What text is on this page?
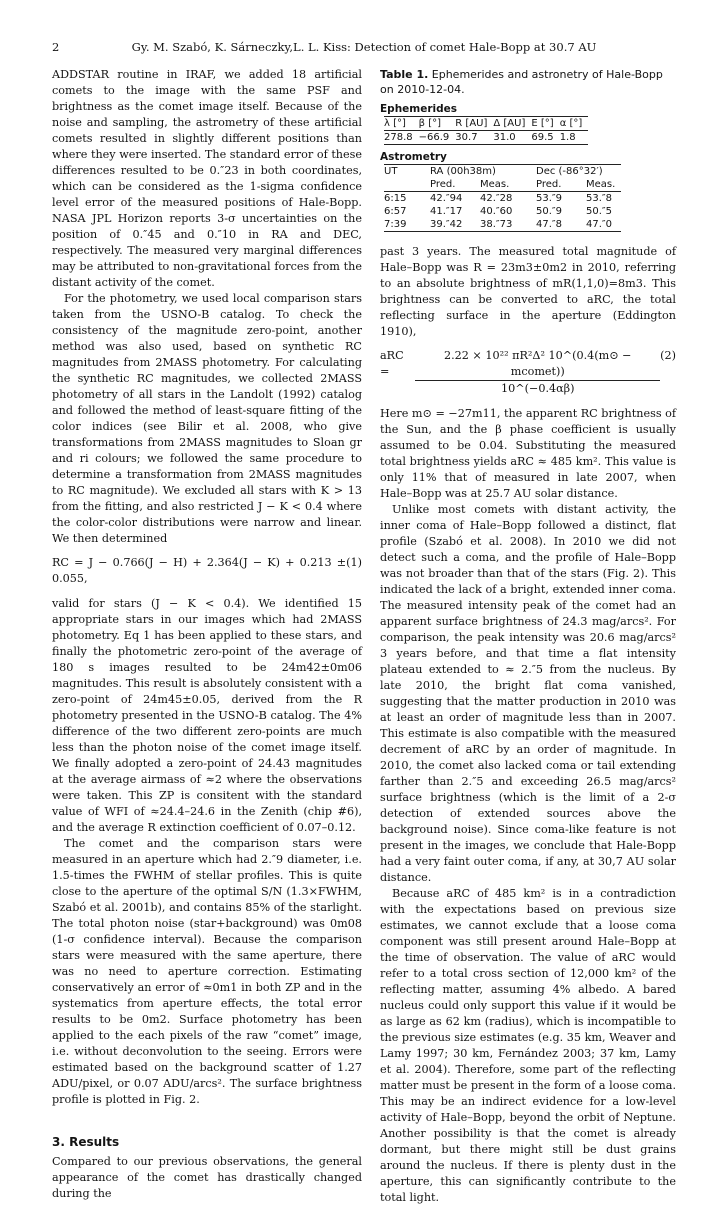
2	Gy. M. Szabó, K. Sárneczky,L. L. Kiss: Detection of comet Hale-Bopp at 30.7 AU

ADDSTAR routine in IRAF, we added 18 artificial comets to the image with the same PSF and brightness as the comet image itself. Because of the noise and sampling, the astrometry of these artificial comets resulted in slightly different positions than where they were inserted. The standard error of these differences resulted to be 0.″23 in both coordinates, which can be considered as the 1-sigma confidence level error of the measured positions of Hale-Bopp. NASA JPL Horizon reports 3-σ uncertainties on the position of 0.″45 and 0.″10 in RA and DEC, respectively. The measured very marginal differences may be attributed to non-gravitational forces from the distant activity of the comet.

For the photometry, we used local comparison stars taken from the USNO-B catalog. To check the consistency of the magnitude zero-point, another method was also used, based on synthetic RC magnitudes from 2MASS photometry. For calculating the synthetic RC magnitudes, we collected 2MASS photometry of all stars in the Landolt (1992) catalog and followed the method of least-square fitting of the color indices (see Bilir et al. 2008, who give transformations from 2MASS magnitudes to Sloan gr and ri colours; we followed the same procedure to determine a transformation from 2MASS magnitudes to RC magnitude). We excluded all stars with K > 13 from the fitting, and also restricted J − K < 0.4 where the color-color distributions were narrow and linear. We then determined

RC = J − 0.766(J − H) + 2.364(J − K) + 0.213 ± 0.055,
(1)

valid for stars (J − K < 0.4). We identified 15 appropriate stars in our images which had 2MASS photometry. Eq 1 has been applied to these stars, and finally the photometric zero-point of the average of 180 s images resulted to be 24m42±0m06 magnitudes. This result is absolutely consistent with a zero-point of 24m45±0.05, derived from the R photometry presented in the USNO-B catalog. The 4% difference of the two different zero-points are much less than the photon noise of the comet image itself. We finally adopted a zero-point of 24.43 magnitudes at the average airmass of ≈2 where the observations were taken. This ZP is consitent with the standard value of WFI of ≈24.4–24.6 in the Zenith (chip #6), and the average R extinction coefficient of 0.07–0.12.

The comet and the comparison stars were measured in an aperture which had 2.″9 diameter, i.e. 1.5-times the FWHM of stellar profiles. This is quite close to the aperture of the optimal S/N (1.3×FWHM, Szabó et al. 2001b), and contains 85% of the starlight. The total photon noise (star+background) was 0m08 (1-σ confidence interval). Because the comparison stars were measured with the same aperture, there was no need to aperture correction. Estimating conservatively an error of ≈0m1 in both ZP and in the systematics from aperture effects, the total error results to be 0m2. Surface photometry has been applied to the each pixels of the raw “comet” image, i.e. without deconvolution to the seeing. Errors were estimated based on the background scatter of 1.27 ADU/pixel, or 0.07 ADU/arcs². The surface brightness profile is plotted in Fig. 2.

3. Results

Compared to our previous observations, the general appearance of the comet has drastically changed during the

Table 1. Ephemerides and astronetry of Hale-Bopp on 2010-12-04.
Ephemerides
λ [°]	β [°]	R [AU]	Δ [AU]	E [°]	α [°]
278.8	−66.9	30.7	31.0	69.5	1.8
Astrometry
UT	RA (00h38m)		Dec (-86°32′)	
	Pred.	Meas.	Pred.	Meas.
6:15	42.″94	42.″28	53.″9	53.″8
6:57	41.″17	40.″60	50.″9	50.″5
7:39	39.″42	38.″73	47.″8	47.″0

past 3 years. The measured total magnitude of Hale–Bopp was R = 23m3±0m2 in 2010, referring to an absolute brightness of mR(1,1,0)=8m3. This brightness can be converted to aRC, the total reflecting surface in the aperture (Eddington 1910),

aRC =	$\frac{\text{2.22 × 10²² πR²Δ² 10\textasciicircum{}(0.4(m⊙ − mcomet))}}{10\^{}(-0.4\alpha\beta)} (2)$

Here m⊙ = −27m11, the apparent RC brightness of the Sun, and the β phase coefficient is usually assumed to be 0.04. Substituting the measured total brightness yields aRC ≈ 485 km². This value is only 11% that of measured in late 2007, when Hale–Bopp was at 25.7 AU solar distance.

Unlike most comets with distant activity, the inner coma of Hale–Bopp followed a distinct, flat profile (Szabó et al. 2008). In 2010 we did not detect such a coma, and the profile of Hale–Bopp was not broader than that of the stars (Fig. 2). This indicated the lack of a bright, extended inner coma. The measured intensity peak of the comet had an apparent surface brightness of 24.3 mag/arcs². For comparison, the peak intensity was 20.6 mag/arcs² 3 years before, and that time a flat intensity plateau extended to ≈ 2.″5 from the nucleus. By late 2010, the bright flat coma vanished, suggesting that the matter production in 2010 was at least an order of magnitude less than in 2007. This estimate is also compatible with the measured decrement of aRC by an order of magnitude. In 2010, the comet also lacked coma or tail extending farther than 2.″5 and exceeding 26.5 mag/arcs² surface brightness (which is the limit of a 2-σ detection of extended sources above the background noise). Since coma-like feature is not present in the images, we conclude that Hale-Bopp had a very faint outer coma, if any, at 30,7 AU solar distance.

Because aRC of 485 km² is in a contradiction with the expectations based on previous size estimates, we cannot exclude that a loose coma component was still present around Hale–Bopp at the time of observation. The value of aRC would refer to a total cross section of 12,000 km² of the reflecting matter, assuming 4% albedo. A bared nucleus could only support this value if it would be as large as 62 km (radius), which is incompatible to the previous size estimates (e.g. 35 km, Weaver and Lamy 1997; 30 km, Fernández 2003; 37 km, Lamy et al. 2004). Therefore, some part of the reflecting matter must be present in the form of a loose coma. This may be an indirect evidence for a low-level activity of Hale–Bopp, beyond the orbit of Neptune. Another possibility is that the comet is already dormant, but there might still be dust grains around the nucleus. If there is plenty dust in the aperture, this can significantly contribute to the total light.
